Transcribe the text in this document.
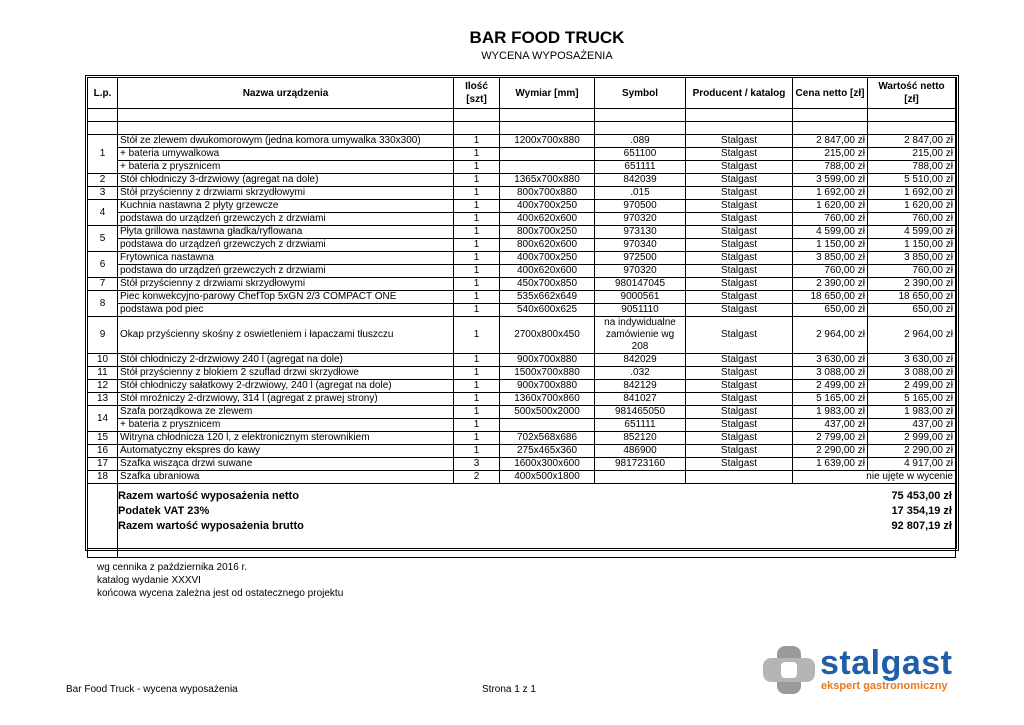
BAR FOOD TRUCK
WYCENA WYPOSAŻENIA
L.p.	Nazwa urządzenia	Ilość [szt]	Wymiar [mm]	Symbol	Producent / katalog	Cena netto [zł]	Wartość netto [zł]

1	Stół ze zlewem dwukomorowym (jedna komora umywalka 330x300)	1	1200x700x880	.089	Stalgast	2 847,00 zł	2 847,00 zł
	+ bateria umywalkowa	1		651100	Stalgast	215,00 zł	215,00 zł
	+ bateria z prysznicem	1		651111	Stalgast	788,00 zł	788,00 zł
2	Stół chłodniczy 3-drzwiowy (agregat na dole)	1	1365x700x880	842039	Stalgast	3 599,00 zł	5 510,00 zł
3	Stół przyścienny z drzwiami skrzydłowymi	1	800x700x880	.015	Stalgast	1 692,00 zł	1 692,00 zł
4	Kuchnia nastawna 2 płyty grzewcze	1	400x700x250	970500	Stalgast	1 620,00 zł	1 620,00 zł
	podstawa do urządzeń grzewczych z drzwiami	1	400x620x600	970320	Stalgast	760,00 zł	760,00 zł
5	Płyta grillowa nastawna gładka/ryflowana	1	800x700x250	973130	Stalgast	4 599,00 zł	4 599,00 zł
	podstawa do urządzeń grzewczych z drzwiami	1	800x620x600	970340	Stalgast	1 150,00 zł	1 150,00 zł
6	Frytownica nastawna	1	400x700x250	972500	Stalgast	3 850,00 zł	3 850,00 zł
	podstawa do urządzeń grzewczych z drzwiami	1	400x620x600	970320	Stalgast	760,00 zł	760,00 zł
7	Stół przyścienny z drzwiami skrzydłowymi	1	450x700x850	980147045	Stalgast	2 390,00 zł	2 390,00 zł
8	Piec konwekcyjno-parowy ChefTop 5xGN 2/3 COMPACT ONE	1	535x662x649	9000561	Stalgast	18 650,00 zł	18 650,00 zł
	podstawa pod piec	1	540x600x625	9051110	Stalgast	650,00 zł	650,00 zł
9	Okap przyścienny skośny z oswietleniem i łapaczami tłuszczu	1	2700x800x450	na indywidualne zamówienie wg 208	Stalgast	2 964,00 zł	2 964,00 zł
10	Stół chłodniczy 2-drzwiowy 240 l (agregat na dole)	1	900x700x880	842029	Stalgast	3 630,00 zł	3 630,00 zł
11	Stół przyścienny z blokiem 2 szuflad drzwi skrzydłowe	1	1500x700x880	.032	Stalgast	3 088,00 zł	3 088,00 zł
12	Stół chłodniczy sałatkowy 2-drzwiowy, 240 l (agregat na dole)	1	900x700x880	842129	Stalgast	2 499,00 zł	2 499,00 zł
13	Stół mroźniczy 2-drzwiowy, 314 l (agregat z prawej strony)	1	1360x700x860	841027	Stalgast	5 165,00 zł	5 165,00 zł
14	Szafa porządkowa ze zlewem	1	500x500x2000	981465050	Stalgast	1 983,00 zł	1 983,00 zł
	+ bateria z prysznicem	1		651111	Stalgast	437,00 zł	437,00 zł
15	Witryna chłodnicza 120 l, z elektronicznym sterownikiem	1	702x568x686	852120	Stalgast	2 799,00 zł	2 999,00 zł
16	Automatyczny ekspres do kawy	1	275x465x360	486900	Stalgast	2 290,00 zł	2 290,00 zł
17	Szafka wisząca drzwi suwane	3	1600x300x600	981723160	Stalgast	1 639,00 zł	4 917,00 zł
18	Szafka ubraniowa	2	400x500x1800			nie ujęte w wycenie	

Razem wartość wyposażenia netto	75 453,00 zł
Podatek VAT 23%	17 354,19 zł
Razem wartość wyposażenia brutto	92 807,19 zł
wg cennika z października 2016 r.
katalog wydanie XXXVI
końcowa wycena zależna jest od ostatecznego projektu
stalgast
ekspert gastronomiczny
Bar Food Truck - wycena wyposażenia	Strona 1 z 1
